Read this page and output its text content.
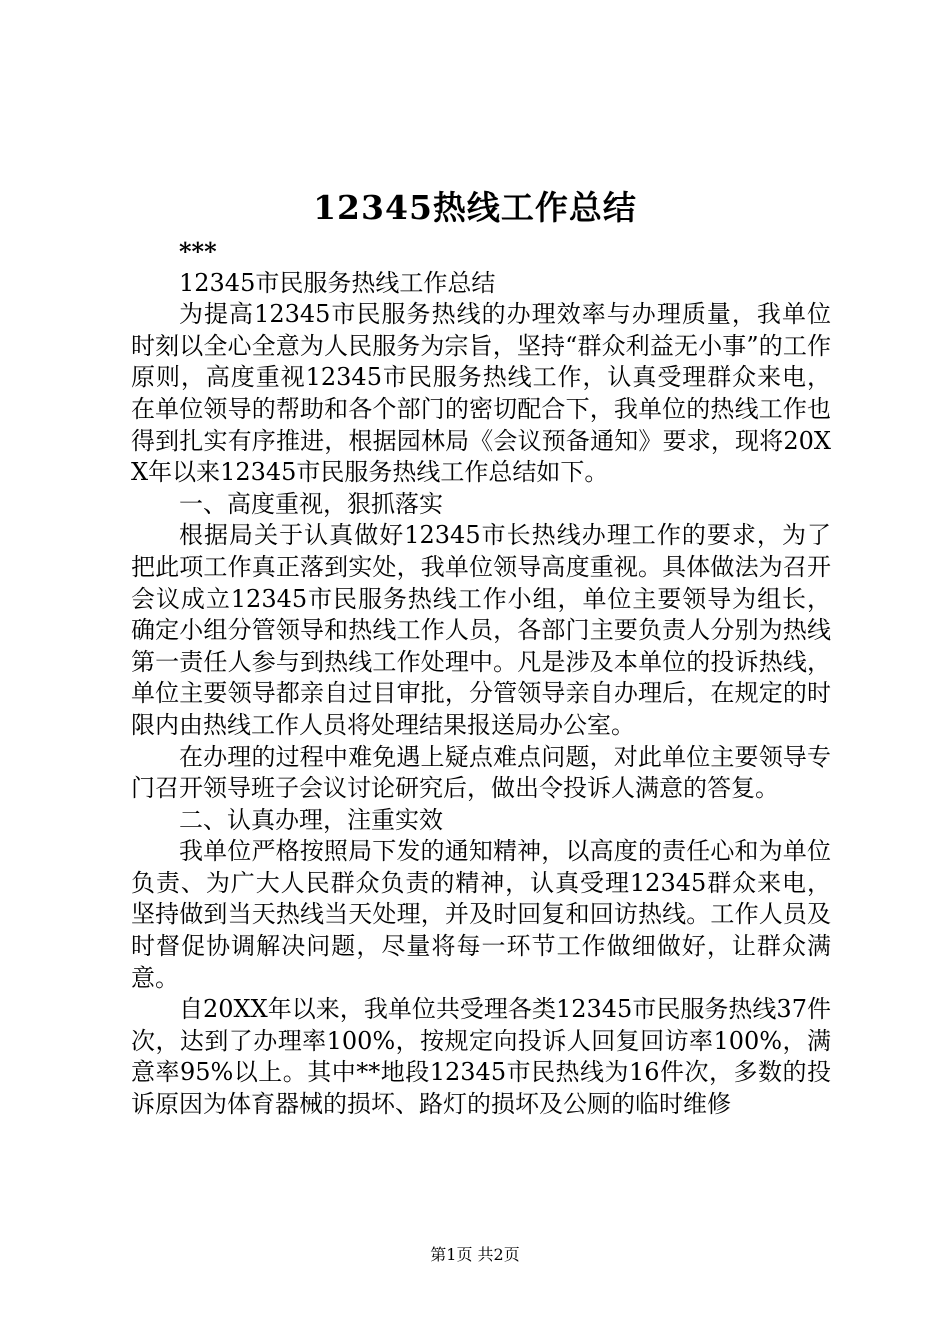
12345热线工作总结

***

12345市民服务热线工作总结

为提高12345市民服务热线的办理效率与办理质量，我单位时刻以全心全意为人民服务为宗旨，坚持“群众利益无小事”的工作原则，高度重视12345市民服务热线工作，认真受理群众来电，在单位领导的帮助和各个部门的密切配合下，我单位的热线工作也得到扎实有序推进，根据园林局《会议预备通知》要求，现将20XX年以来12345市民服务热线工作总结如下。

一、高度重视，狠抓落实

根据局关于认真做好12345市长热线办理工作的要求，为了把此项工作真正落到实处，我单位领导高度重视。具体做法为召开会议成立12345市民服务热线工作小组，单位主要领导为组长，确定小组分管领导和热线工作人员，各部门主要负责人分别为热线第一责任人参与到热线工作处理中。凡是涉及本单位的投诉热线，单位主要领导都亲自过目审批，分管领导亲自办理后，在规定的时限内由热线工作人员将处理结果报送局办公室。

在办理的过程中难免遇上疑点难点问题，对此单位主要领导专门召开领导班子会议讨论研究后，做出令投诉人满意的答复。

二、认真办理，注重实效

我单位严格按照局下发的通知精神，以高度的责任心和为单位负责、为广大人民群众负责的精神，认真受理12345群众来电，坚持做到当天热线当天处理，并及时回复和回访热线。工作人员及时督促协调解决问题，尽量将每一环节工作做细做好，让群众满意。

自20XX年以来，我单位共受理各类12345市民服务热线37件次，达到了办理率100%，按规定向投诉人回复回访率100%，满意率95%以上。其中**地段12345市民热线为16件次，多数的投诉原因为体育器械的损坏、路灯的损坏及公厕的临时维修

第1页 共2页
